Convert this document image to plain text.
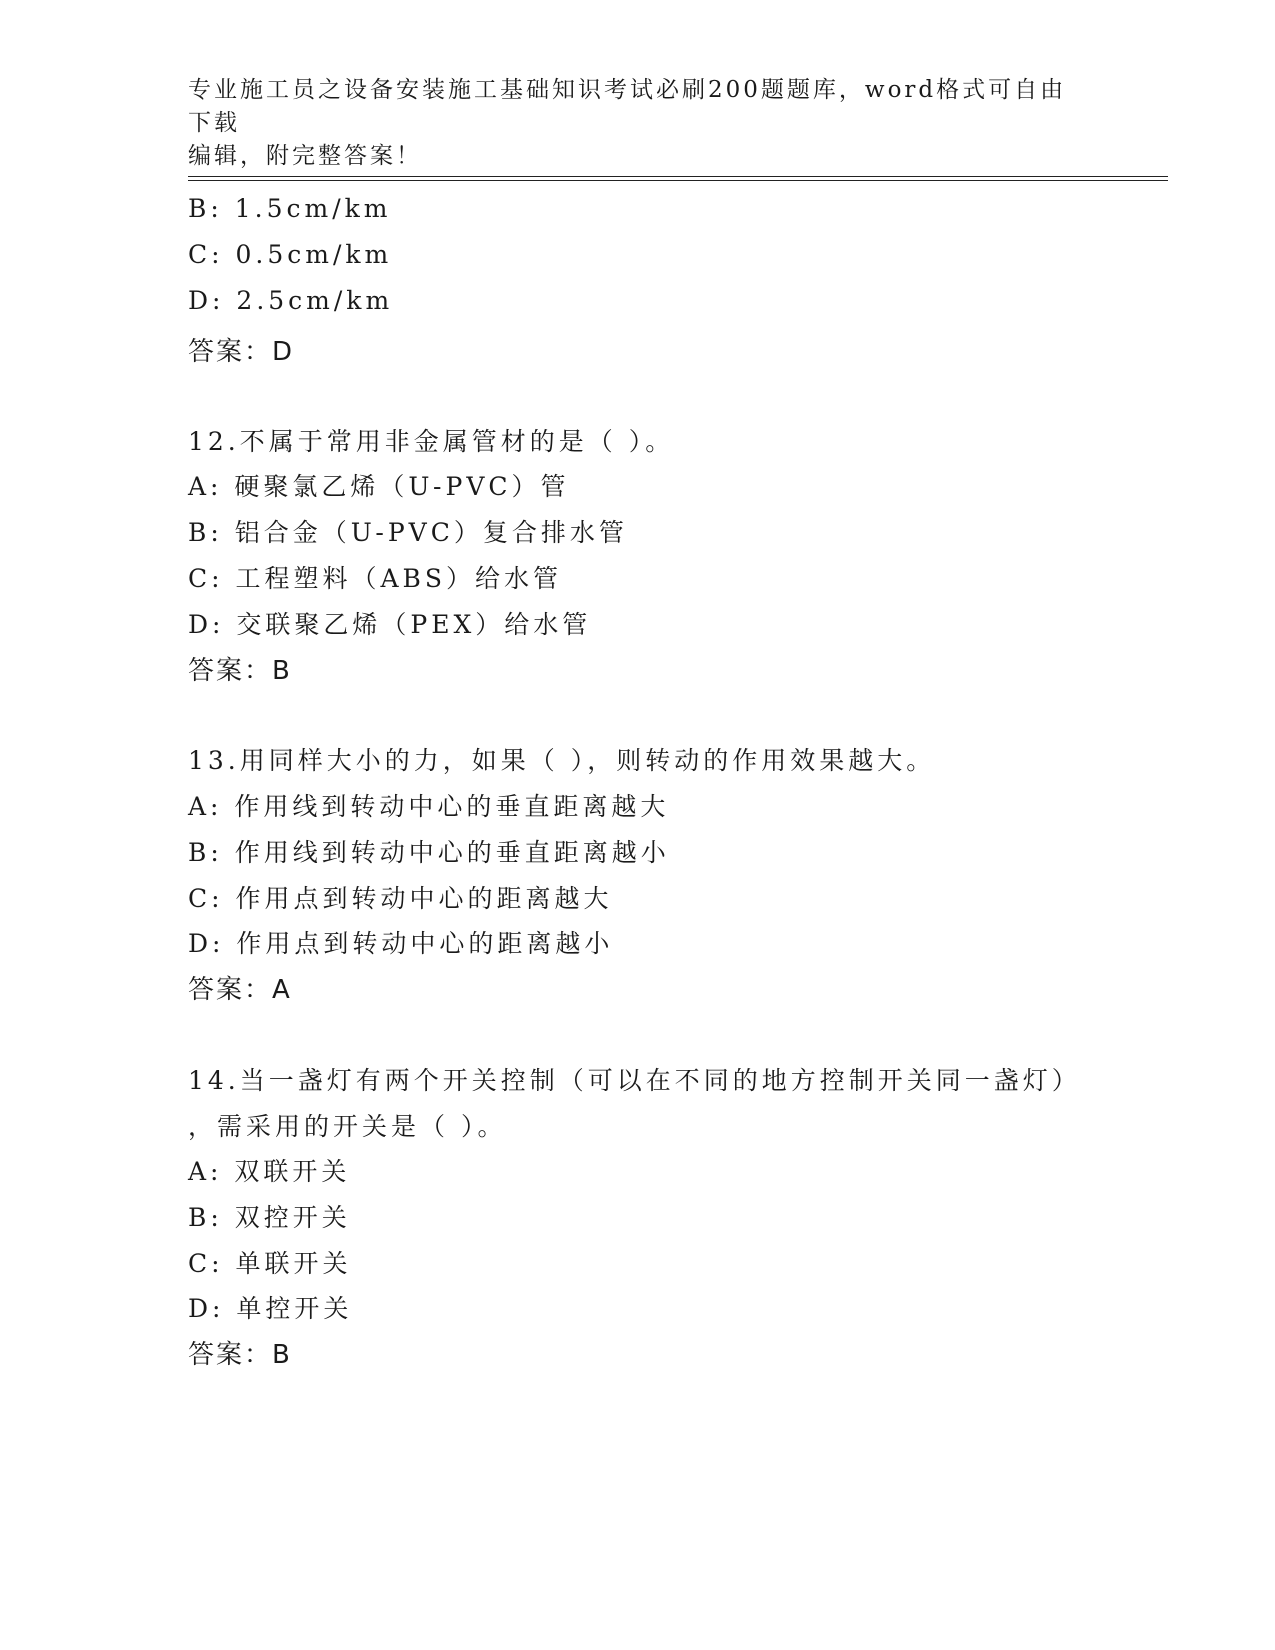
专业施工员之设备安装施工基础知识考试必刷200题题库，word格式可自由下载
编辑，附完整答案！
B: 1.5cm/km
C: 0.5cm/km
D: 2.5cm/km
答案：D
12.不属于常用非金属管材的是（ ）。
A: 硬聚氯乙烯（U-PVC）管
B: 铝合金（U-PVC）复合排水管
C: 工程塑料（ABS）给水管
D: 交联聚乙烯（PEX）给水管
答案：B
13.用同样大小的力，如果（ ），则转动的作用效果越大。
A: 作用线到转动中心的垂直距离越大
B: 作用线到转动中心的垂直距离越小
C: 作用点到转动中心的距离越大
D: 作用点到转动中心的距离越小
答案：A
14.当一盏灯有两个开关控制（可以在不同的地方控制开关同一盏灯）
，需采用的开关是（ ）。
A: 双联开关
B: 双控开关
C: 单联开关
D: 单控开关
答案：B
